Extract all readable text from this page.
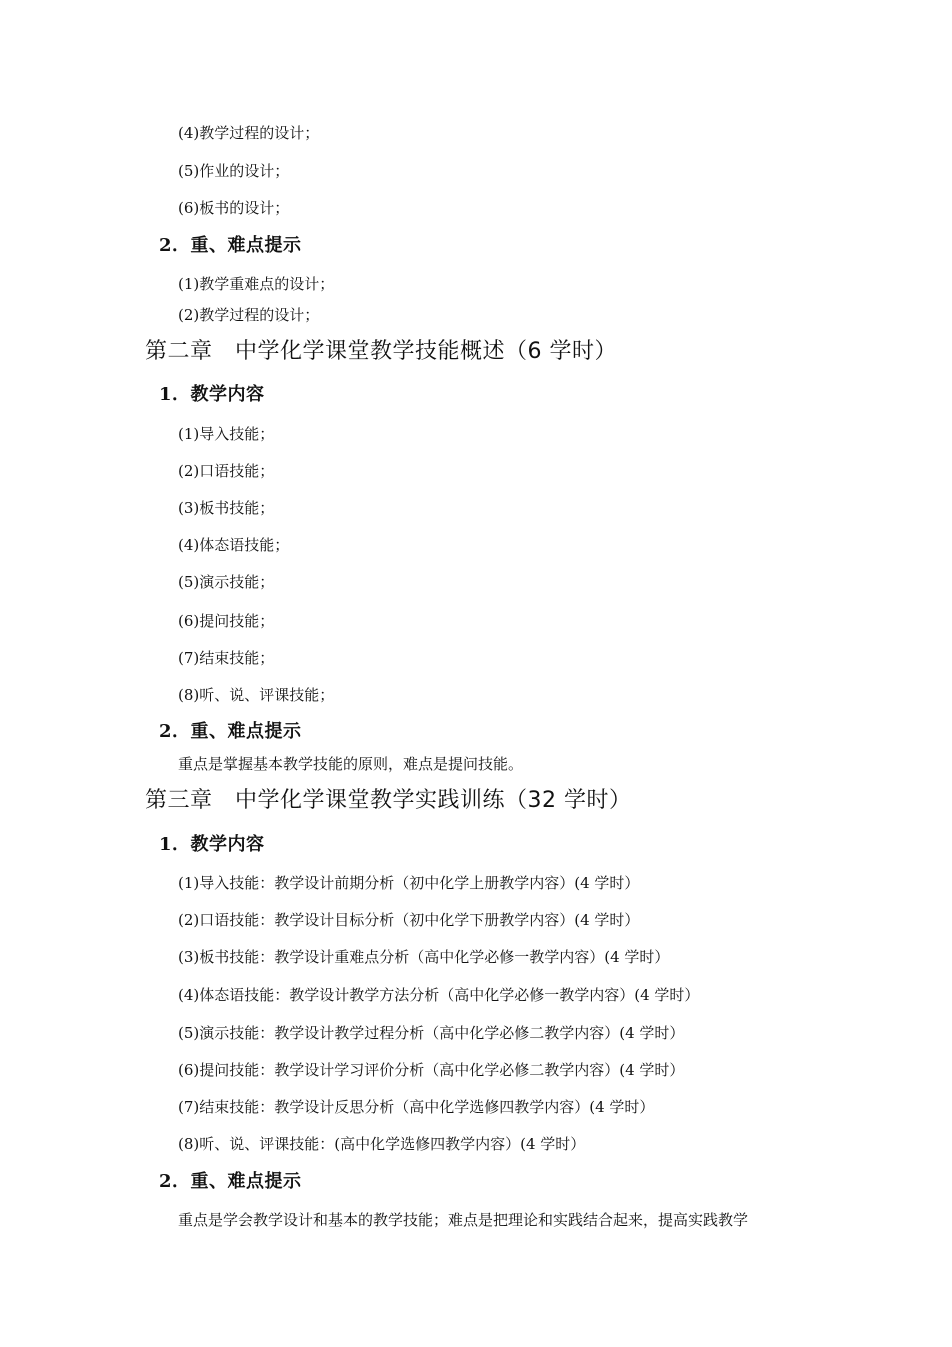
(4)教学过程的设计；
(5)作业的设计；
(6)板书的设计；
2．重、难点提示
(1)教学重难点的设计；
(2)教学过程的设计；
第二章　中学化学课堂教学技能概述（6 学时）
1．教学内容
(1)导入技能；
(2)口语技能；
(3)板书技能；
(4)体态语技能；
(5)演示技能；
(6)提问技能；
(7)结束技能；
(8)听、说、评课技能；
2．重、难点提示
重点是掌握基本教学技能的原则，难点是提问技能。
第三章　中学化学课堂教学实践训练（32 学时）
1．教学内容
(1)导入技能：教学设计前期分析（初中化学上册教学内容）(4 学时）
(2)口语技能：教学设计目标分析（初中化学下册教学内容）(4 学时）
(3)板书技能：教学设计重难点分析（高中化学必修一教学内容）(4 学时）
(4)体态语技能：教学设计教学方法分析（高中化学必修一教学内容）(4 学时）
(5)演示技能：教学设计教学过程分析（高中化学必修二教学内容）(4 学时）
(6)提问技能：教学设计学习评价分析（高中化学必修二教学内容）(4 学时）
(7)结束技能：教学设计反思分析（高中化学选修四教学内容）(4 学时）
(8)听、说、评课技能：(高中化学选修四教学内容）(4 学时）
2．重、难点提示
重点是学会教学设计和基本的教学技能；难点是把理论和实践结合起来，提高实践教学
